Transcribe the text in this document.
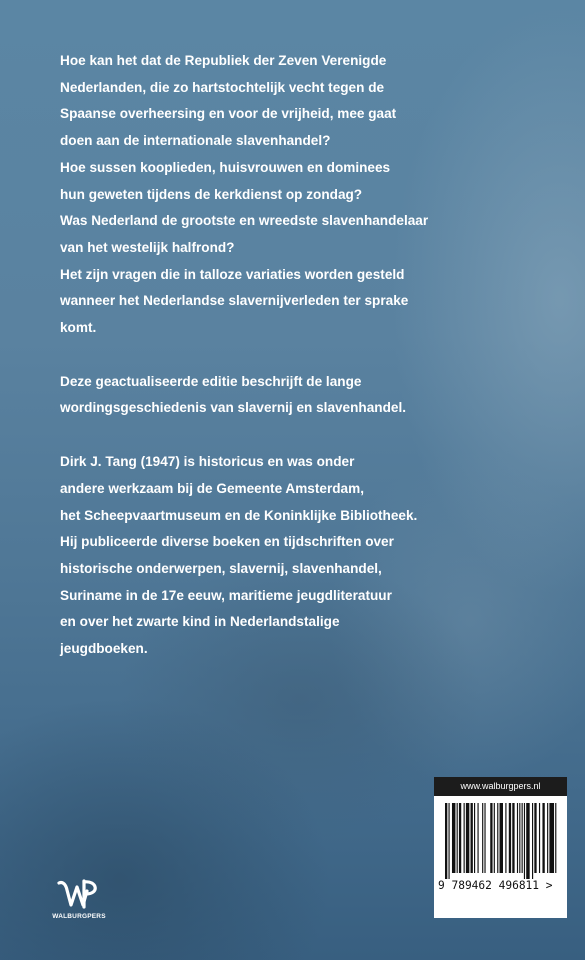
Hoe kan het dat de Republiek der Zeven Verenigde
Nederlanden, die zo hartstochtelijk vecht tegen de
Spaanse overheersing en voor de vrijheid, mee gaat
doen aan de internationale slavenhandel?
Hoe sussen kooplieden, huisvrouwen en dominees
hun geweten tijdens de kerkdienst op zondag?
Was Nederland de grootste en wreedste slavenhandelaar
van het westelijk halfrond?
Het zijn vragen die in talloze variaties worden gesteld
wanneer het Nederlandse slavernijverleden ter sprake
komt.
Deze geactualiseerde editie beschrijft de lange
wordingsgeschiedenis van slavernij en slavenhandel.
Dirk J. Tang (1947) is historicus en was onder
andere werkzaam bij de Gemeente Amsterdam,
het Scheepvaartmuseum en de Koninklijke Bibliotheek.
Hij publiceerde diverse boeken en tijdschriften over
historische onderwerpen, slavernij, slavenhandel,
Suriname in de 17e eeuw, maritieme jeugdliteratuur
en over het zwarte kind in Nederlandstalige
jeugdboeken.
WALBURGPERS
www.walburgpers.nl
9 789462 496811 >
